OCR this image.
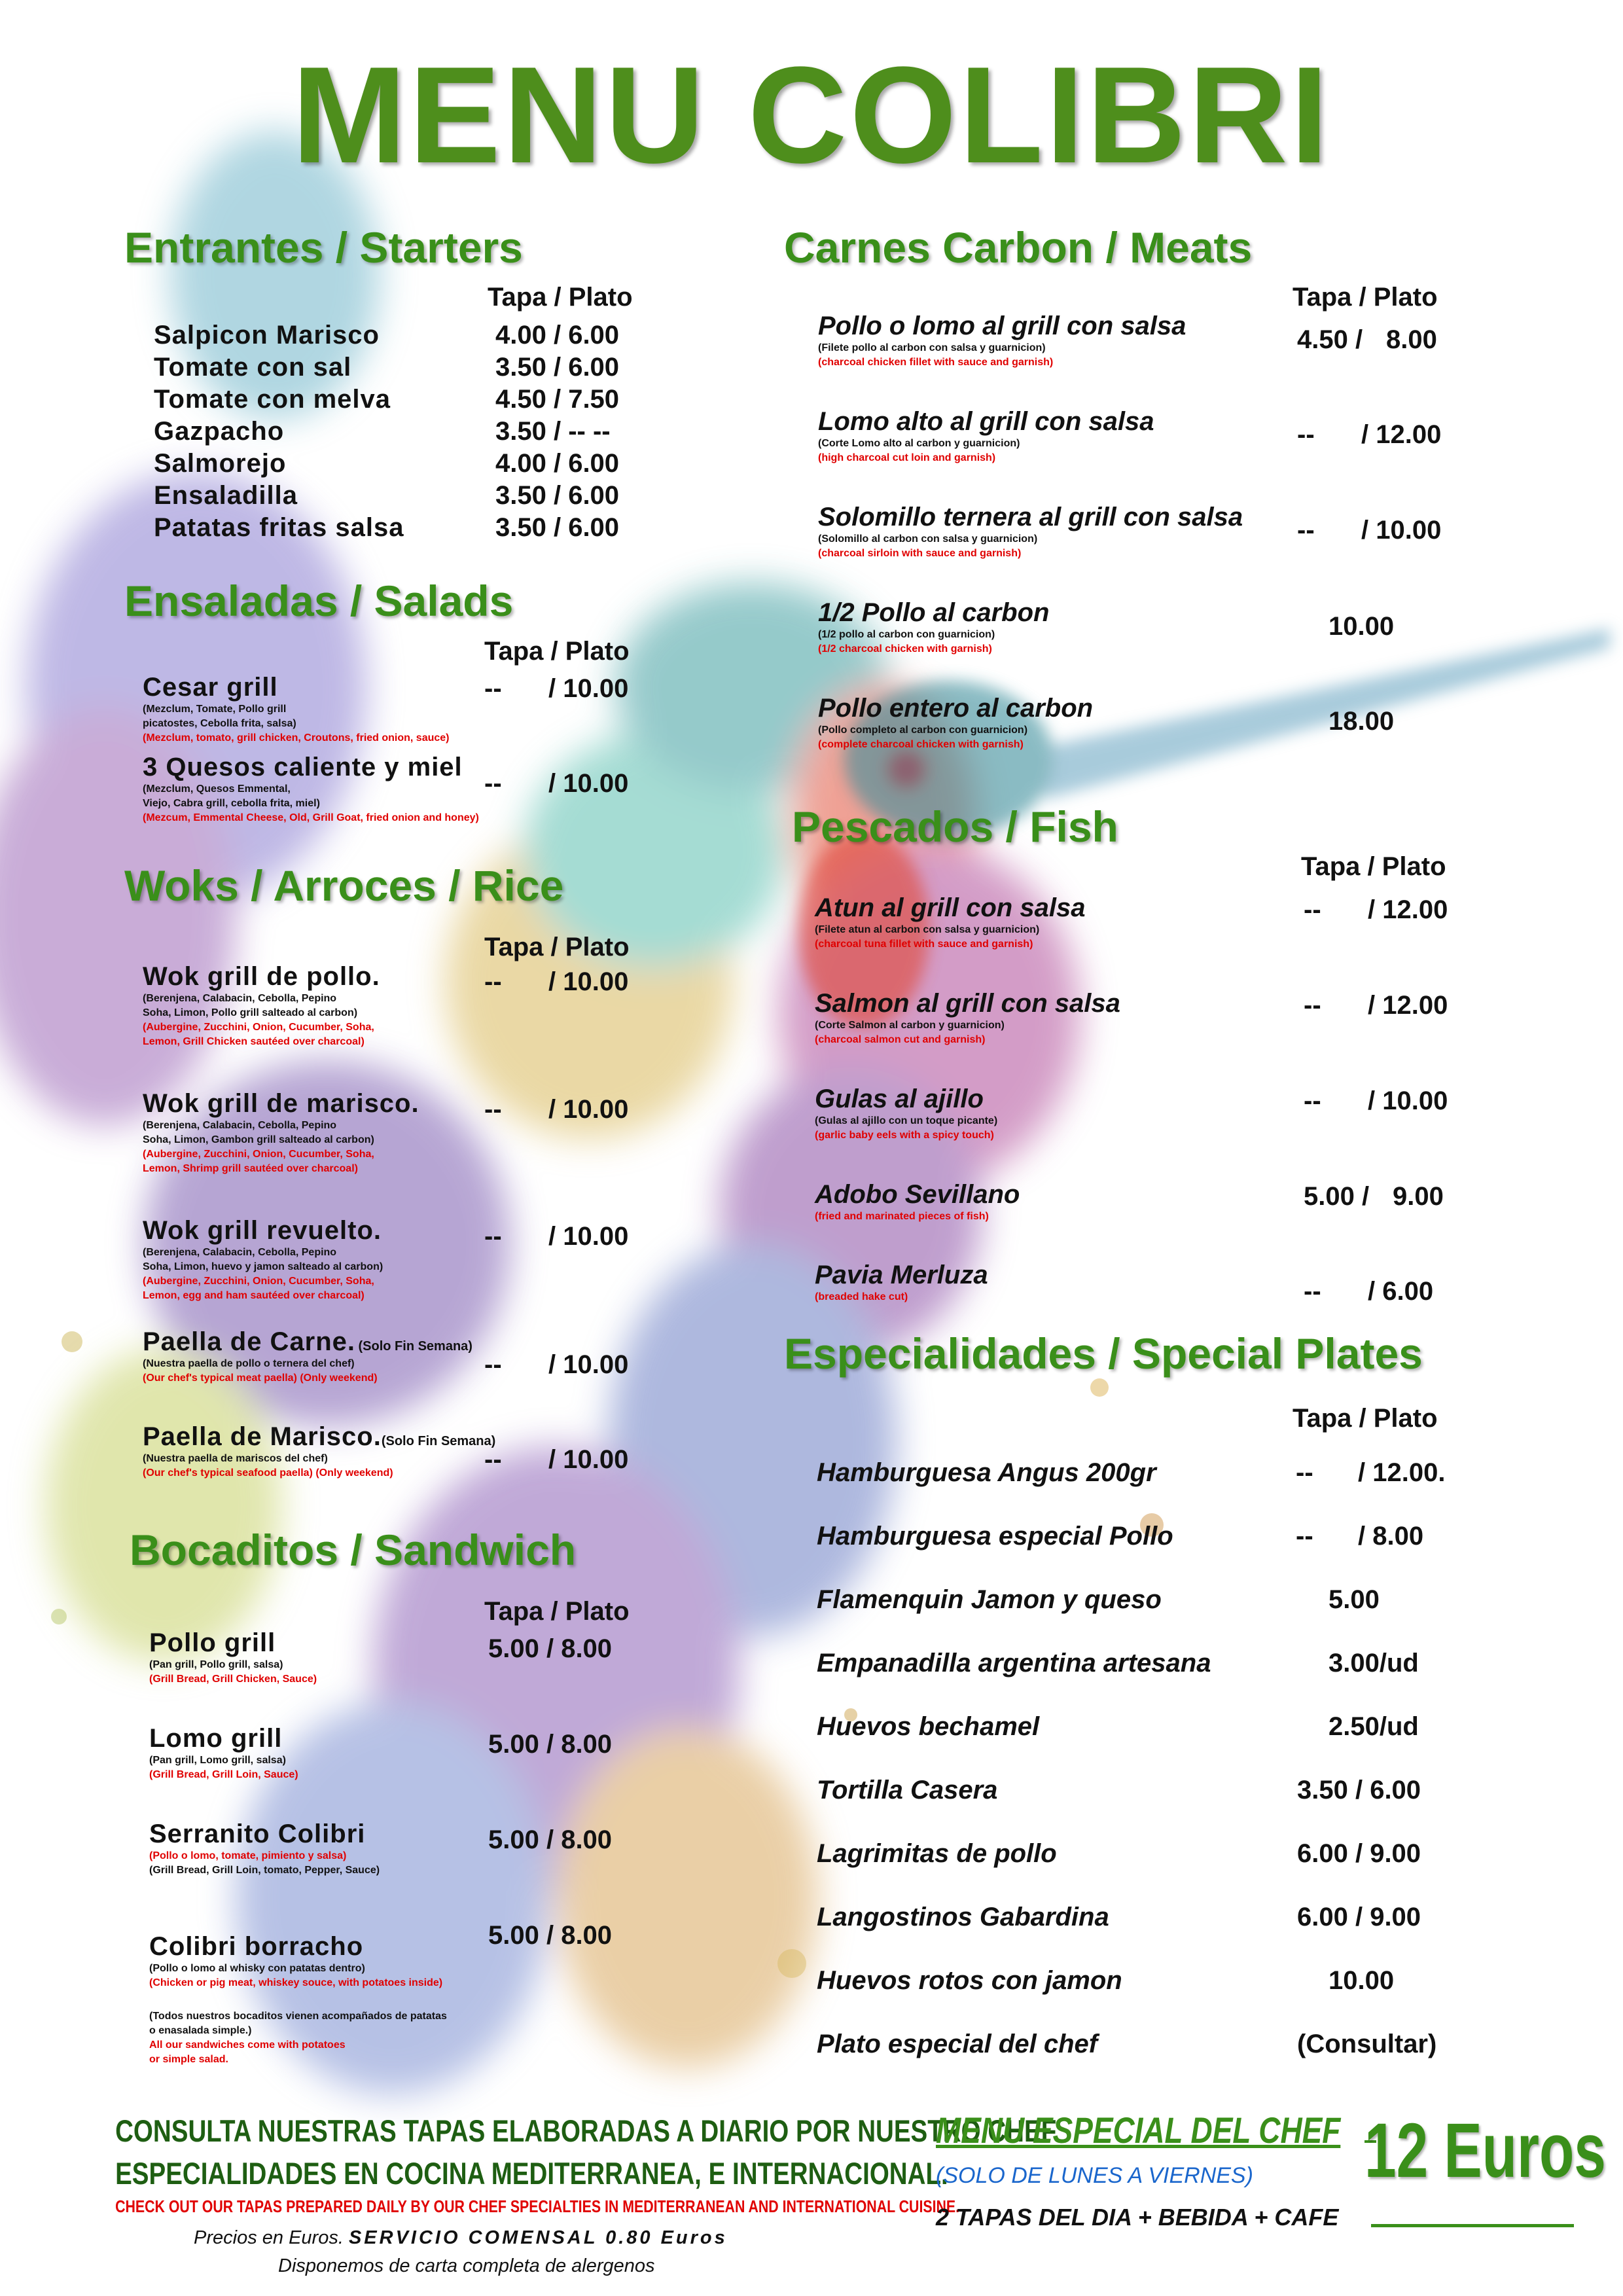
MENU COLIBRI
Entrantes / Starters
Tapa / Plato
Salpicon Marisco	4.00 / 6.00
Tomate con sal	3.50 / 6.00
Tomate con melva	4.50 / 7.50
Gazpacho	3.50 / -- --
Salmorejo	4.00 / 6.00
Ensaladilla	3.50 / 6.00
Patatas fritas salsa	3.50 / 6.00
Ensaladas / Salads
Tapa / Plato
Cesar grill
(Mezclum, Tomate, Pollo grill
picatostes, Cebolla frita, salsa)
(Mezclum, tomato, grill chicken, Croutons, fried onion, sauce)
-- / 10.00
3 Quesos caliente y miel
(Mezclum, Quesos Emmental,
Viejo, Cabra grill, cebolla frita, miel)
(Mezcum, Emmental Cheese, Old, Grill Goat, fried onion and honey)
-- / 10.00
Woks / Arroces / Rice
Tapa / Plato
Wok grill de pollo.
(Berenjena, Calabacin, Cebolla, Pepino
Soha, Limon, Pollo grill salteado al carbon)
(Aubergine, Zucchini, Onion, Cucumber, Soha,
Lemon, Grill Chicken sautéed over charcoal)
-- / 10.00
Wok grill de marisco.
(Berenjena, Calabacin, Cebolla, Pepino
Soha, Limon, Gambon grill salteado al carbon)
(Aubergine, Zucchini, Onion, Cucumber, Soha,
Lemon, Shrimp grill sautéed over charcoal)
-- / 10.00
Wok grill revuelto.
(Berenjena, Calabacin, Cebolla, Pepino
Soha, Limon, huevo y jamon salteado al carbon)
(Aubergine, Zucchini, Onion, Cucumber, Soha,
Lemon, egg and ham sautéed over charcoal)
-- / 10.00
Paella de Carne. (Solo Fin Semana)
(Nuestra paella de pollo o ternera del chef)
(Our chef's typical meat paella) (Only weekend)	-- / 10.00
Paella de Marisco.(Solo Fin Semana)
(Nuestra paella de mariscos del chef)
(Our chef's typical seafood paella) (Only weekend)	-- / 10.00
Bocaditos / Sandwich
Tapa / Plato
Pollo grill
(Pan grill, Pollo grill, salsa)
(Grill Bread, Grill Chicken, Sauce)
5.00 / 8.00
Lomo grill
(Pan grill, Lomo grill, salsa)
(Grill Bread, Grill Loin, Sauce)
5.00 / 8.00
Serranito Colibri
(Pollo o lomo, tomate, pimiento y salsa)
(Grill Bread, Grill Loin, tomato, Pepper, Sauce)
5.00 / 8.00
Colibri borracho
(Pollo o lomo al whisky con patatas dentro)
(Chicken or pig meat, whiskey souce, with potatoes inside)
5.00 / 8.00
(Todos nuestros bocaditos vienen acompañados de patatas
o enasalada simple.)
All our sandwiches come with potatoes
or simple salad.
Carnes Carbon / Meats
Tapa / Plato
Pollo o lomo al grill con salsa
(Filete pollo al carbon con salsa y guarnicion)
(charcoal chicken fillet with sauce and garnish)
4.50 / 8.00
Lomo alto al grill con salsa
(Corte Lomo alto al carbon y guarnicion)
(high charcoal cut loin and garnish)
-- / 12.00
Solomillo ternera al grill con salsa
(Solomillo al carbon con salsa y guarnicion)
(charcoal sirloin with sauce and garnish)
-- / 10.00
1/2 Pollo al carbon
(1/2 pollo al carbon con guarnicion)
(1/2 charcoal chicken with garnish)
10.00
Pollo entero al carbon
(Pollo completo al carbon con guarnicion)
(complete charcoal chicken with garnish)
18.00
Pescados / Fish
Tapa / Plato
Atun al grill con salsa
(Filete atun al carbon con salsa y guarnicion)
(charcoal tuna fillet with sauce and garnish)
-- / 12.00
Salmon al grill con salsa
(Corte Salmon al carbon y guarnicion)
(charcoal salmon cut and garnish)
-- / 12.00
Gulas al ajillo
(Gulas al ajillo con un toque picante)
(garlic baby eels with a spicy touch)
-- / 10.00
Adobo Sevillano
(fried and marinated pieces of fish)
5.00 / 9.00
Pavia Merluza
(breaded hake cut)	-- / 6.00
Especialidades / Special Plates
Tapa / Plato
Hamburguesa Angus 200gr	-- / 12.00.
Hamburguesa especial Pollo	-- / 8.00
Flamenquin Jamon y queso	5.00
Empanadilla argentina artesana	3.00/ud
Huevos bechamel	2.50/ud
Tortilla Casera	3.50 / 6.00
Lagrimitas de pollo	6.00 / 9.00
Langostinos Gabardina	6.00 / 9.00
Huevos rotos con jamon	10.00
Plato especial del chef	(Consultar)
CONSULTA NUESTRAS TAPAS ELABORADAS A DIARIO POR NUESTRO CHEF
ESPECIALIDADES EN COCINA MEDITERRANEA, E INTERNACIONAL.
CHECK OUT OUR TAPAS PREPARED DAILY BY OUR CHEF SPECIALTIES IN MEDITERRANEAN AND INTERNATIONAL CUISINE.
Precios en Euros. SERVICIO COMENSAL 0.80 Euros
Disponemos de carta completa de alergenos
MENU ESPECIAL DEL CHEF 12 Euros
(SOLO DE LUNES A VIERNES)
2 TAPAS DEL DIA + BEBIDA + CAFE
